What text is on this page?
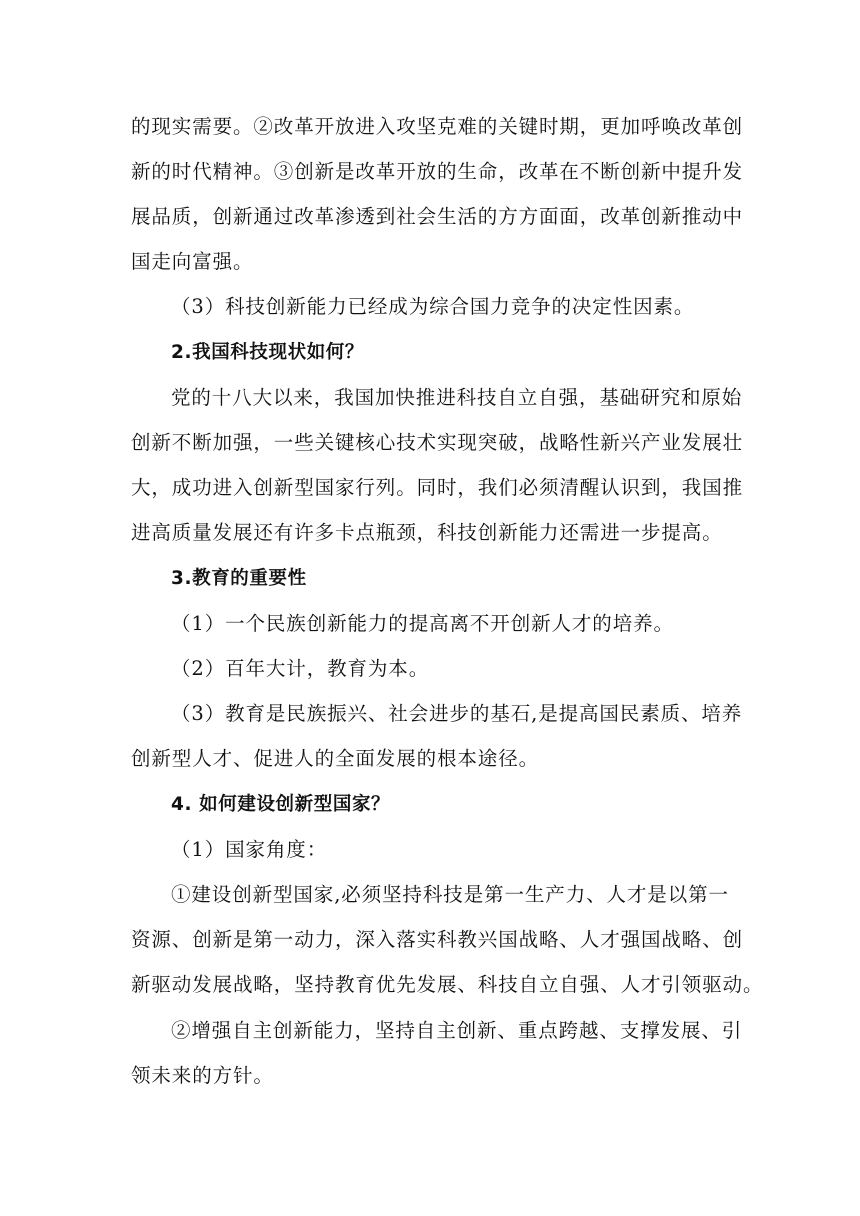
的现实需要。②改革开放进入攻坚克难的关键时期，更加呼唤改革创
新的时代精神。③创新是改革开放的生命，改革在不断创新中提升发
展品质，创新通过改革渗透到社会生活的方方面面，改革创新推动中
国走向富强。
（3）科技创新能力已经成为综合国力竞争的决定性因素。
2.我国科技现状如何？
党的十八大以来，我国加快推进科技自立自强，基础研究和原始
创新不断加强，一些关键核心技术实现突破，战略性新兴产业发展壮
大，成功进入创新型国家行列。同时，我们必须清醒认识到，我国推
进高质量发展还有许多卡点瓶颈，科技创新能力还需进一步提高。
3.教育的重要性
（1）一个民族创新能力的提高离不开创新人才的培养。
（2）百年大计，教育为本。
（3）教育是民族振兴、社会进步的基石,是提高国民素质、培养
创新型人才、促进人的全面发展的根本途径。
4. 如何建设创新型国家？
（1）国家角度：
①建设创新型国家,必须坚持科技是第一生产力、人才是以第一
资源、创新是第一动力，深入落实科教兴国战略、人才强国战略、创
新驱动发展战略，坚持教育优先发展、科技自立自强、人才引领驱动。
②增强自主创新能力，坚持自主创新、重点跨越、支撑发展、引
领未来的方针。
